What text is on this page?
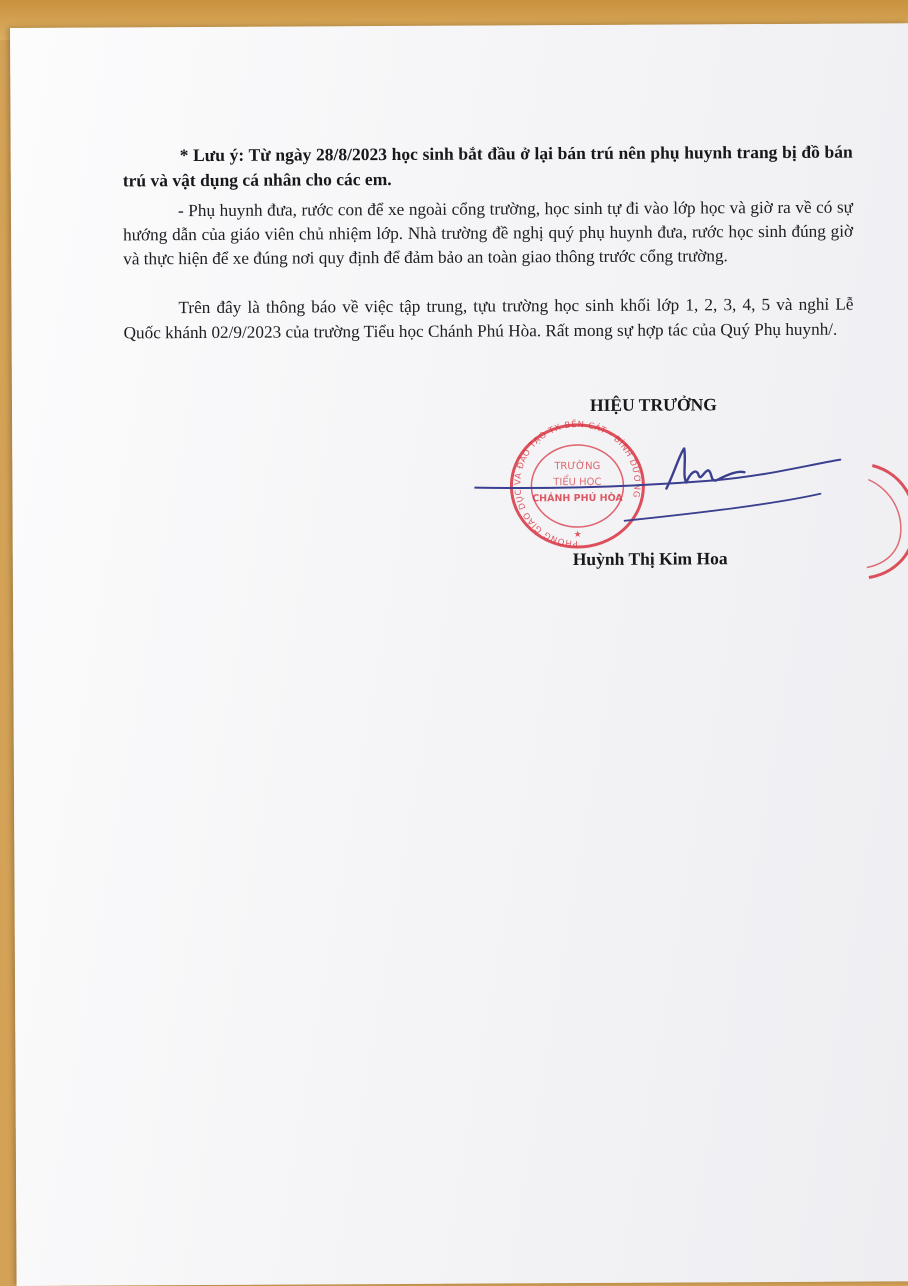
* Lưu ý: Từ ngày 28/8/2023 học sinh bắt đầu ở lại bán trú nên phụ huynh trang bị đồ bán trú và vật dụng cá nhân cho các em.
- Phụ huynh đưa, rước con để xe ngoài cổng trường, học sinh tự đi vào lớp học và giờ ra về có sự hướng dẫn của giáo viên chủ nhiệm lớp. Nhà trường đề nghị quý phụ huynh đưa, rước học sinh đúng giờ và thực hiện để xe đúng nơi quy định để đảm bảo an toàn giao thông trước cổng trường.
Trên đây là thông báo về việc tập trung, tựu trường học sinh khối lớp 1, 2, 3, 4, 5 và nghỉ Lễ Quốc khánh 02/9/2023 của trường Tiểu học Chánh Phú Hòa. Rất mong sự hợp tác của Quý Phụ huynh/.
HIỆU TRƯỞNG
PHÒNG GIÁO DỤC VÀ ĐÀO TẠO TX BẾN CÁT - BÌNH DƯƠNG
TRƯỜNG
TIỂU HỌC
CHÁNH PHÚ HÒA
★
Huỳnh Thị Kim Hoa
